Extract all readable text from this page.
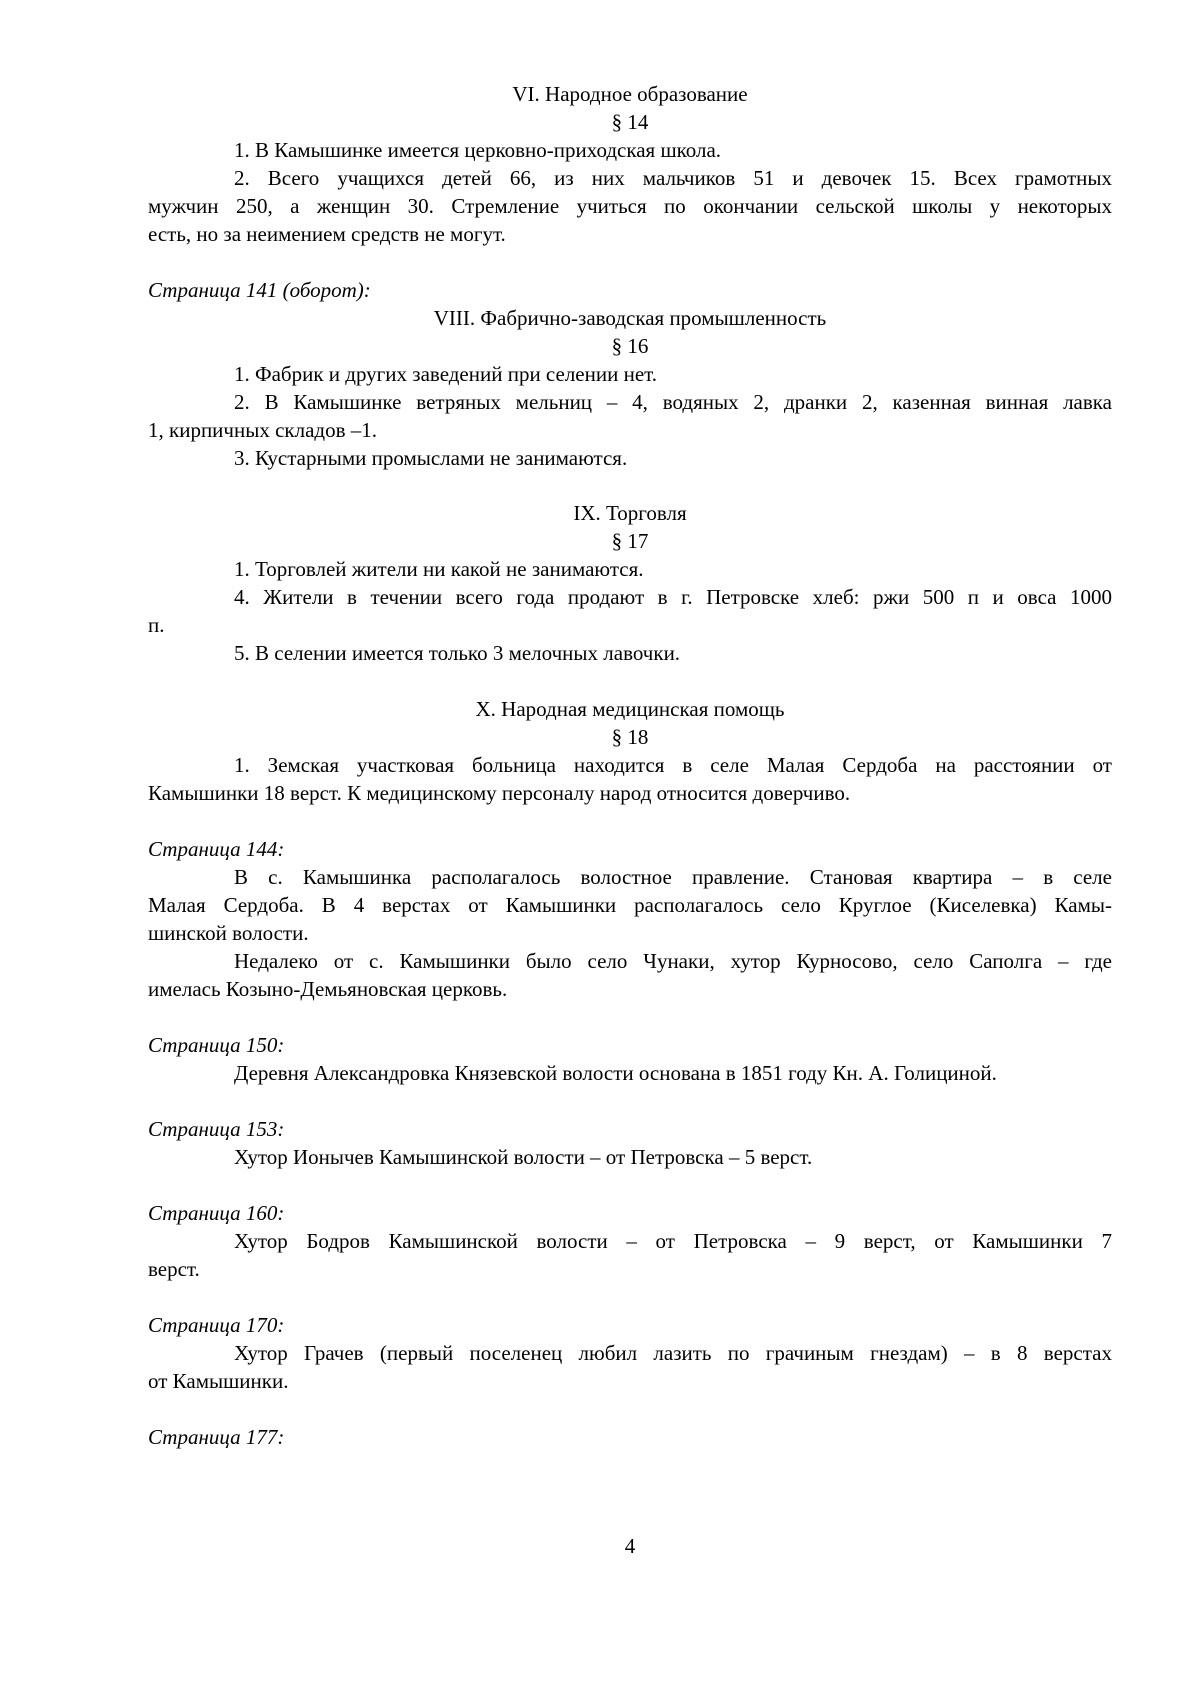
VI. Народное образование
§ 14
1. В Камышинке имеется церковно-приходская школа.
2. Всего учащихся детей 66, из них мальчиков 51 и девочек 15. Всех грамотных
мужчин 250, а женщин 30. Стремление учиться по окончании сельской школы у некоторых
есть, но за неимением средств не могут.
Страница 141 (оборот):
VIII. Фабрично-заводская промышленность
§ 16
1. Фабрик и других заведений при селении нет.
2. В Камышинке ветряных мельниц – 4, водяных 2, дранки 2, казенная винная лавка
1, кирпичных складов –1.
3. Кустарными промыслами не занимаются.
IX. Торговля
§ 17
1. Торговлей жители ни какой не занимаются.
4. Жители в течении всего года продают в г. Петровске хлеб: ржи 500 п и овса 1000
п.
5. В селении имеется только 3 мелочных лавочки.
X. Народная медицинская помощь
§ 18
1. Земская участковая больница находится в селе Малая Сердоба на расстоянии от
Камышинки 18 верст. К медицинскому персоналу народ относится доверчиво.
Страница 144:
В с. Камышинка располагалось волостное правление. Становая квартира – в селе
Малая Сердоба. В 4 верстах от Камышинки располагалось село Круглое (Киселевка) Камы-
шинской волости.
Недалеко от с. Камышинки было село Чунаки, хутор Курносово, село Саполга – где
имелась Козыно-Демьяновская церковь.
Страница 150:
Деревня Александровка Князевской волости основана в 1851 году Кн. А. Голициной.
Страница 153:
Хутор Ионычев Камышинской волости – от Петровска – 5 верст.
Страница 160:
Хутор Бодров Камышинской волости – от Петровска – 9 верст, от Камышинки 7
верст.
Страница 170:
Хутор Грачев (первый поселенец любил лазить по грачиным гнездам) – в 8 верстах
от Камышинки.
Страница 177:
4
